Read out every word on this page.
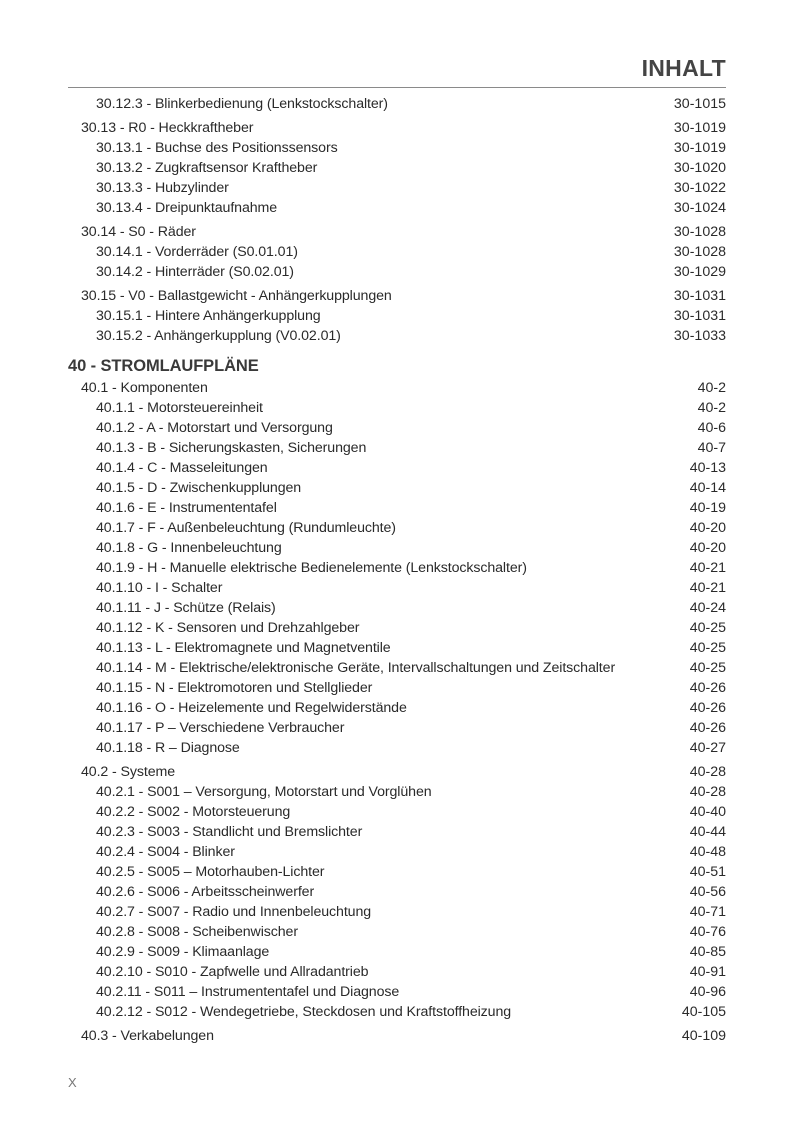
INHALT
30.12.3 - Blinkerbedienung (Lenkstockschalter)	30-1015
30.13 - R0 - Heckkraftheber	30-1019
30.13.1 - Buchse des Positionssensors	30-1019
30.13.2 - Zugkraftsensor Kraftheber	30-1020
30.13.3 - Hubzylinder	30-1022
30.13.4 - Dreipunktaufnahme	30-1024
30.14 - S0 - Räder	30-1028
30.14.1 - Vorderräder (S0.01.01)	30-1028
30.14.2 - Hinterräder (S0.02.01)	30-1029
30.15 - V0 - Ballastgewicht - Anhängerkupplungen	30-1031
30.15.1 - Hintere Anhängerkupplung	30-1031
30.15.2 - Anhängerkupplung (V0.02.01)	30-1033
40 - STROMLAUFPLÄNE
40.1 - Komponenten	40-2
40.1.1 - Motorsteuereinheit	40-2
40.1.2 - A - Motorstart und Versorgung	40-6
40.1.3 - B - Sicherungskasten, Sicherungen	40-7
40.1.4 - C - Masseleitungen	40-13
40.1.5 - D - Zwischenkupplungen	40-14
40.1.6 - E - Instrumententafel	40-19
40.1.7 - F - Außenbeleuchtung (Rundumleuchte)	40-20
40.1.8 - G - Innenbeleuchtung	40-20
40.1.9 - H - Manuelle elektrische Bedienelemente (Lenkstockschalter)	40-21
40.1.10 - I - Schalter	40-21
40.1.11 - J - Schütze (Relais)	40-24
40.1.12 - K - Sensoren und Drehzahlgeber	40-25
40.1.13 - L - Elektromagnete und Magnetventile	40-25
40.1.14 - M - Elektrische/elektronische Geräte, Intervallschaltungen und Zeitschalter	40-25
40.1.15 - N - Elektromotoren und Stellglieder	40-26
40.1.16 - O - Heizelemente und Regelwiderstände	40-26
40.1.17 - P – Verschiedene Verbraucher	40-26
40.1.18 - R – Diagnose	40-27
40.2 - Systeme	40-28
40.2.1 - S001 – Versorgung, Motorstart und Vorglühen	40-28
40.2.2 - S002 - Motorsteuerung	40-40
40.2.3 - S003 - Standlicht und Bremslichter	40-44
40.2.4 - S004 - Blinker	40-48
40.2.5 - S005 – Motorhauben-Lichter	40-51
40.2.6 - S006 - Arbeitsscheinwerfer	40-56
40.2.7 - S007 - Radio und Innenbeleuchtung	40-71
40.2.8 - S008 - Scheibenwischer	40-76
40.2.9 - S009 - Klimaanlage	40-85
40.2.10 - S010 - Zapfwelle und Allradantrieb	40-91
40.2.11 - S011 – Instrumententafel und Diagnose	40-96
40.2.12 - S012 - Wendegetriebe, Steckdosen und Kraftstoffheizung	40-105
40.3 - Verkabelungen	40-109
X
